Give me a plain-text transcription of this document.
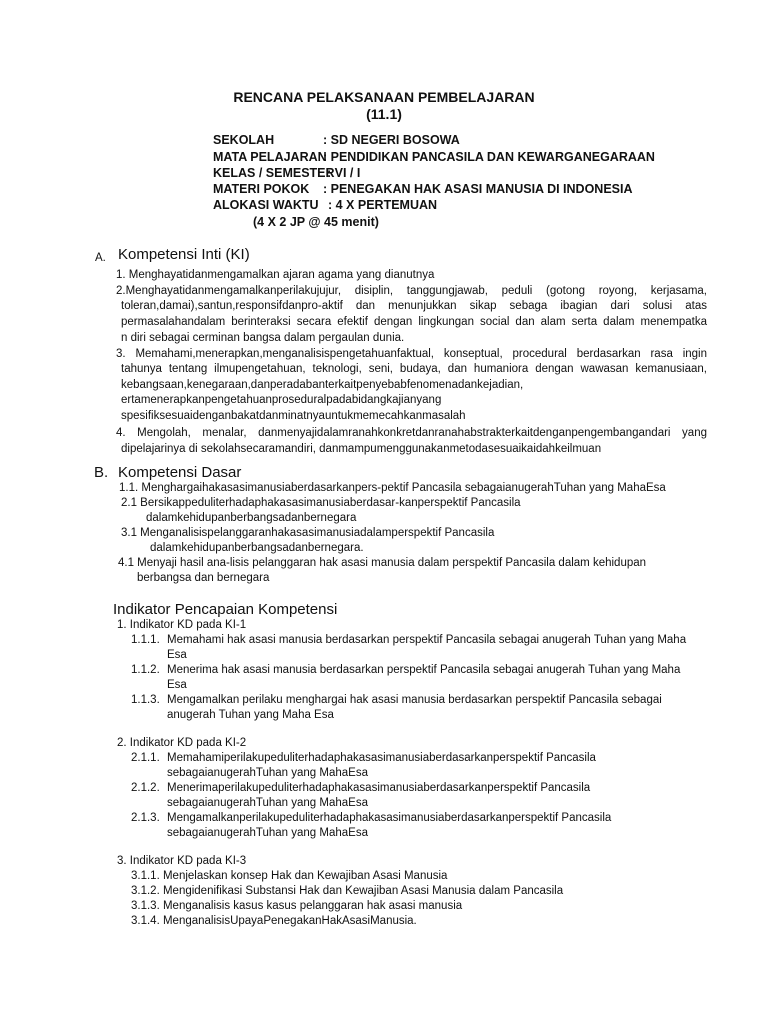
RENCANA PELAKSANAAN PEMBELAJARAN
(11.1)
SEKOLAH	: SD NEGERI BOSOWA
MATA PELAJARAN
: PENDIDIKAN PANCASILA DAN KEWARGANEGARAAN
KELAS / SEMESTER
: VI / I
MATERI POKOK : PENEGAKAN HAK ASASI MANUSIA DI INDONESIA
ALOKASI WAKTU : 4 X PERTEMUAN
(4 X 2 JP @ 45 menit)
A. Kompetensi Inti (KI)
1. Menghayatidanmengamalkan ajaran agama yang dianutnya
2.Menghayatidanmengamalkanperilakujujur, disiplin, tanggungjawab, peduli (gotong royong, kerjasama,
toleran,damai),santun,responsifdanpro-aktif dan menunjukkan sikap sebaga ibagian dari solusi atas
permasalahandalam berinteraksi secara efektif dengan lingkungan social dan alam serta dalam menempatka
n diri sebagai cerminan bangsa dalam pergaulan dunia.
3. Memahami,menerapkan,menganalisispengetahuanfaktual, konseptual, procedural berdasarkan rasa ingin
tahunya tentang ilmupengetahuan, teknologi, seni, budaya, dan humaniora dengan wawasan kemanusiaan,
kebangsaan,kenegaraan,danperadabanterkaitpenyebabfenomenadankejadian,
ertamenerapkanpengetahuanproseduralpadabidangkajianyang
spesifiksesuaidenganbakatdanminatnyauntukmemecahkanmasalah
4. Mengolah, menalar, danmenyajidalamranahkonkretdanranahabstrakterkaitdenganpengembangandari yang
dipelajarinya di sekolahsecaramandiri, danmampumenggunakanmetodasesuaikaidahkeilmuan
B. Kompetensi Dasar
1.1. Menghargaihakasasimanusiaberdasarkanpers-pektif Pancasila sebagaianugerahTuhan yang MahaEsa
2.1 Bersikappeduliterhadaphakasasimanusiaberdasar-kanperspektif Pancasila
dalamkehidupanberbangsadanbernegara
3.1 Menganalisispelanggaranhakasasimanusiadalamperspektif Pancasila
dalamkehidupanberbangsadanbernegara.
4.1 Menyaji hasil ana-lisis pelanggaran hak asasi manusia dalam perspektif Pancasila dalam kehidupan
berbangsa dan bernegara
Indikator Pencapaian Kompetensi
1. Indikator KD pada KI-1
1.1.1. Memahami hak asasi manusia berdasarkan perspektif Pancasila sebagai anugerah Tuhan yang Maha
Esa
1.1.2. Menerima hak asasi manusia berdasarkan perspektif Pancasila sebagai anugerah Tuhan yang Maha
Esa
1.1.3. Mengamalkan perilaku menghargai hak asasi manusia berdasarkan perspektif Pancasila sebagai
anugerah Tuhan yang Maha Esa
2. Indikator KD pada KI-2
2.1.1. Memahamiperilakupeduliterhadaphakasasimanusiaberdasarkanperspektif Pancasila
sebagaianugerahTuhan yang MahaEsa
2.1.2. Menerimaperilakupeduliterhadaphakasasimanusiaberdasarkanperspektif Pancasila
sebagaianugerahTuhan yang MahaEsa
2.1.3. Mengamalkanperilakupeduliterhadaphakasasimanusiaberdasarkanperspektif Pancasila
sebagaianugerahTuhan yang MahaEsa
3. Indikator KD pada KI-3
3.1.1. Menjelaskan konsep Hak dan Kewajiban Asasi Manusia
3.1.2. Mengidenifikasi Substansi Hak dan Kewajiban Asasi Manusia dalam Pancasila
3.1.3. Menganalisis kasus kasus pelanggaran hak asasi manusia
3.1.4. MenganalisisUpayaPenegakanHakAsasiManusia.
